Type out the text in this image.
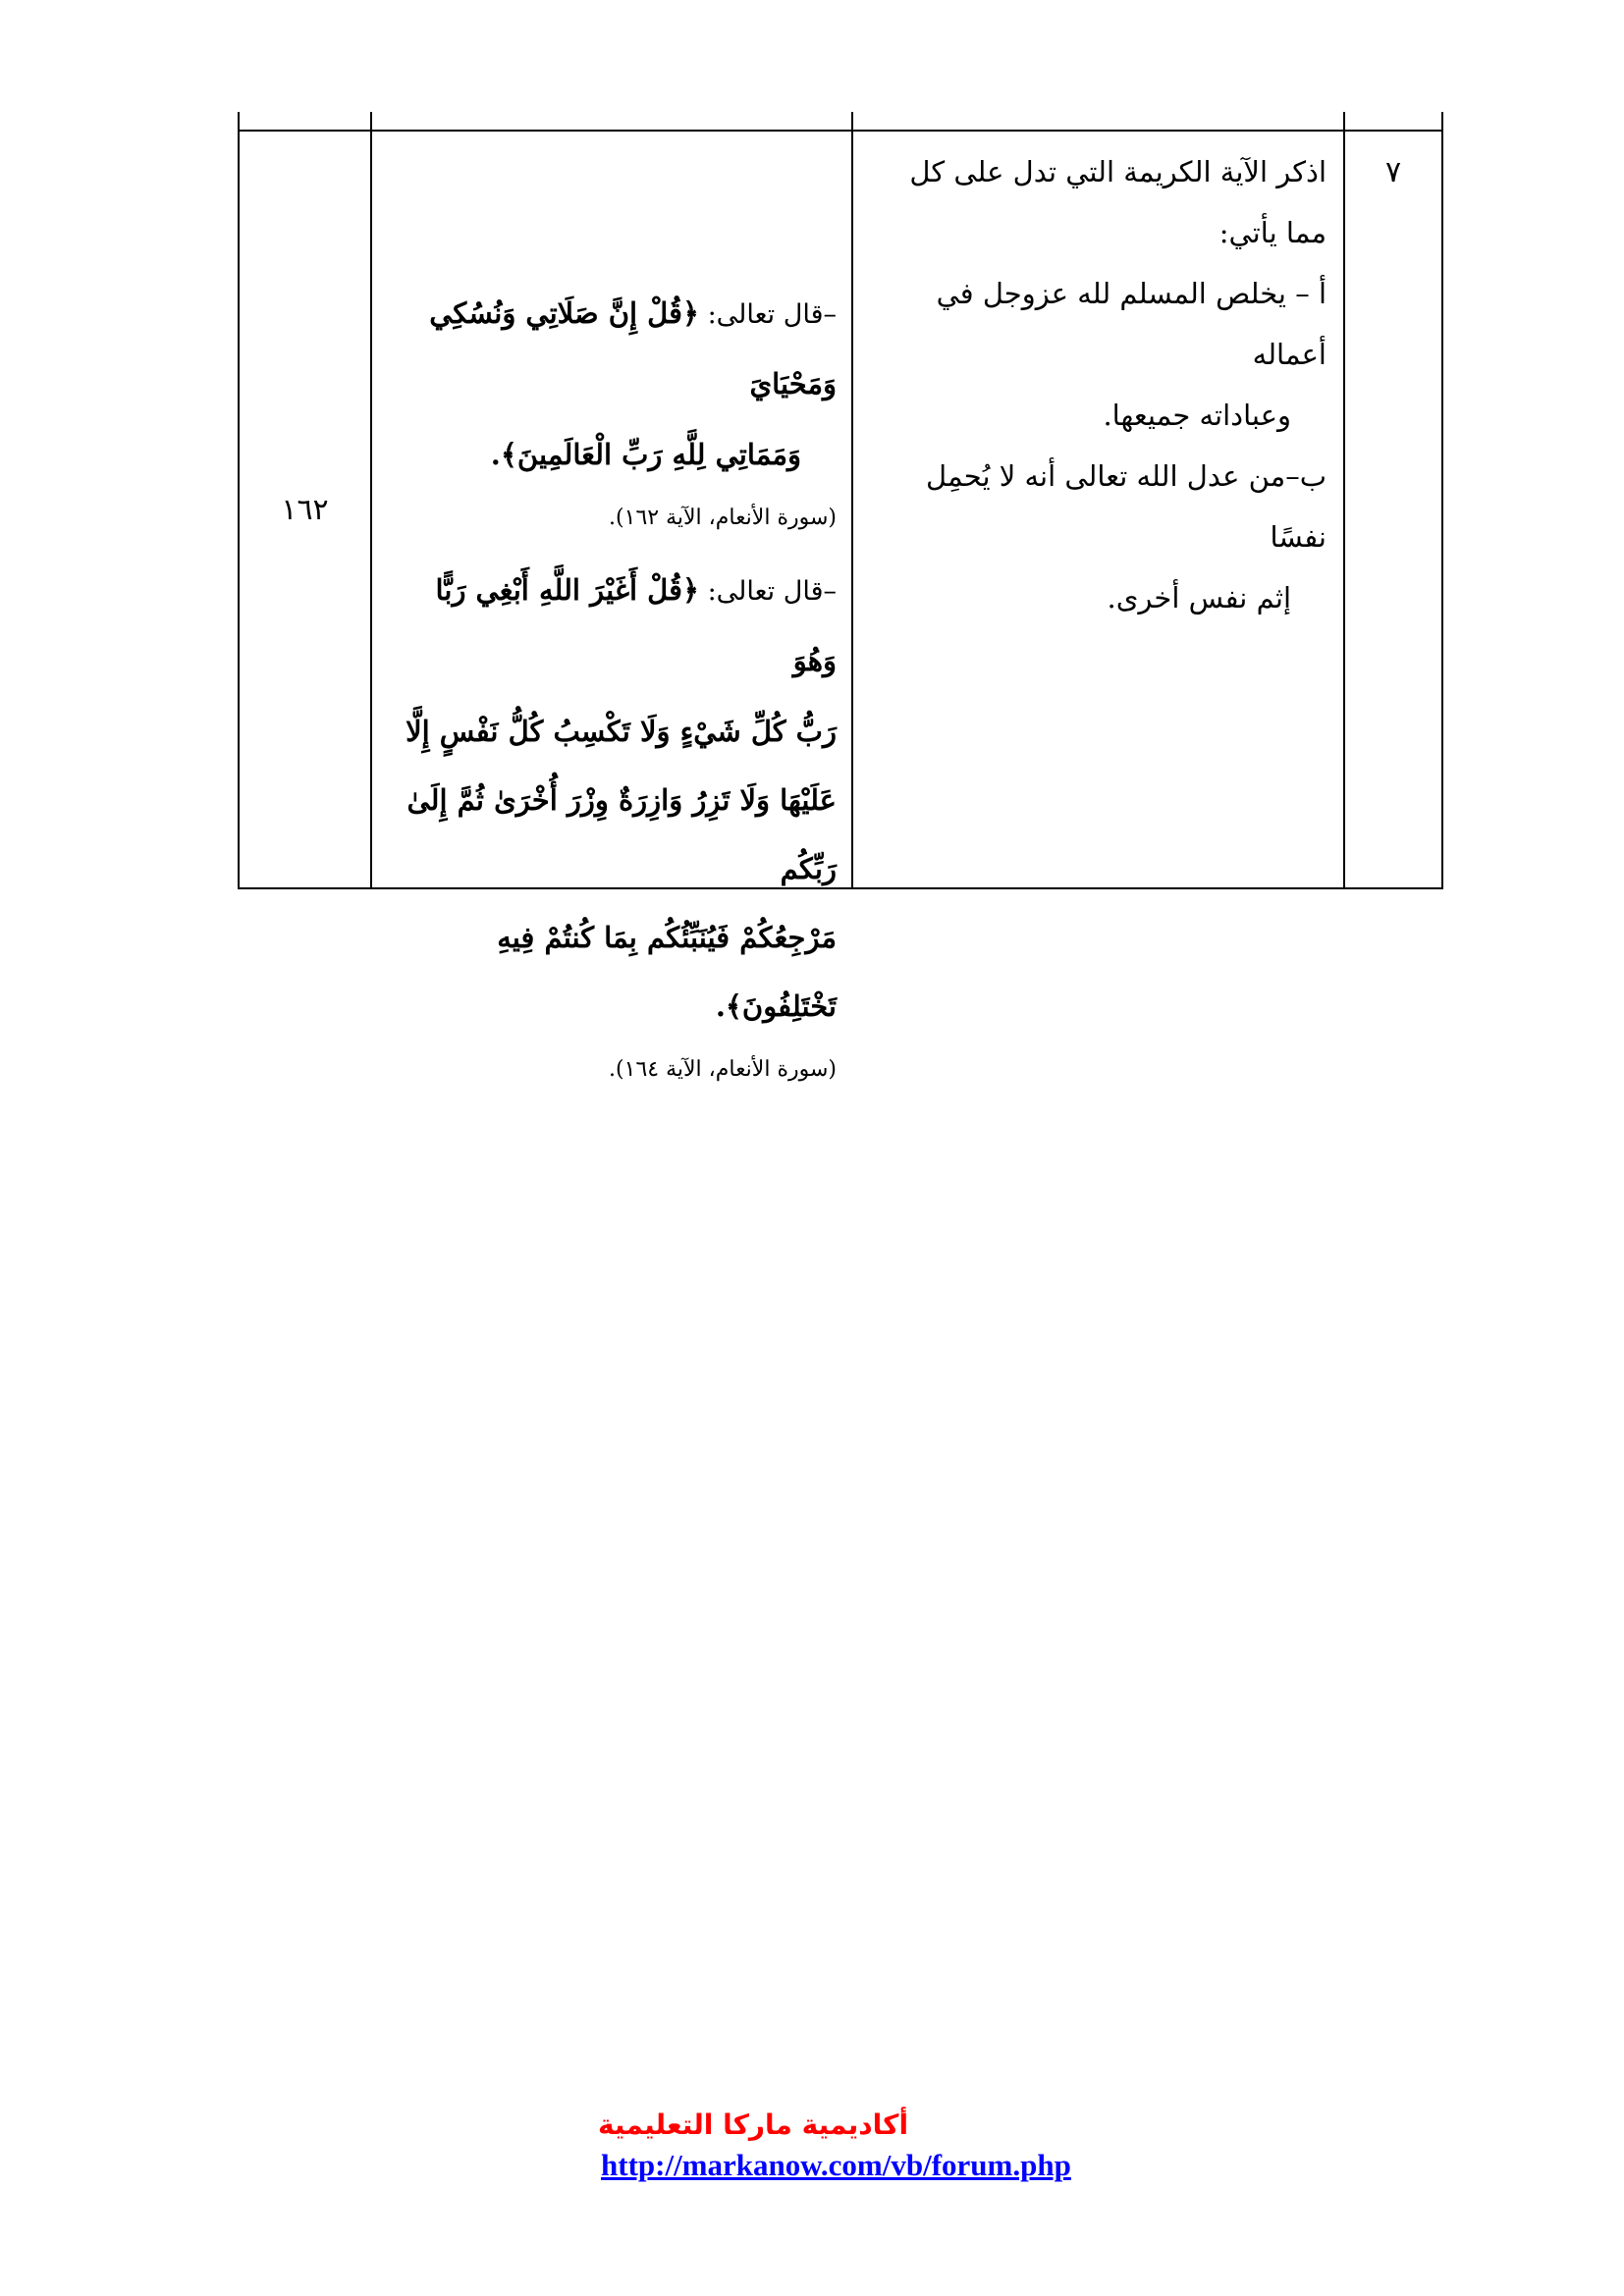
٧

اذكر الآية الكريمة التي تدل على كل مما يأتي:

أ – يخلص المسلم لله عزوجل في أعماله

وعباداته جميعها.

ب–من عدل الله تعالى أنه لا يُحمِل نفسًا

إثم نفس أخرى.

–قال تعالى: ﴿قُلْ إِنَّ صَلَاتِي وَنُسُكِي وَمَحْيَايَ

وَمَمَاتِي لِلَّهِ رَبِّ الْعَالَمِينَ﴾.

(سورة الأنعام، الآية ١٦٢).

–قال تعالى: ﴿قُلْ أَغَيْرَ اللَّهِ أَبْغِي رَبًّا وَهُوَ

رَبُّ كُلِّ شَيْءٍ وَلَا تَكْسِبُ كُلُّ نَفْسٍ إِلَّا

عَلَيْهَا وَلَا تَزِرُ وَازِرَةٌ وِزْرَ أُخْرَىٰ ثُمَّ إِلَىٰ رَبِّكُم

مَرْجِعُكُمْ فَيُنَبِّئُكُم بِمَا كُنتُمْ فِيهِ تَخْتَلِفُونَ﴾.

(سورة الأنعام، الآية ١٦٤).

١٦٢
أكاديمية ماركا التعليمية
http://markanow.com/vb/forum.php
